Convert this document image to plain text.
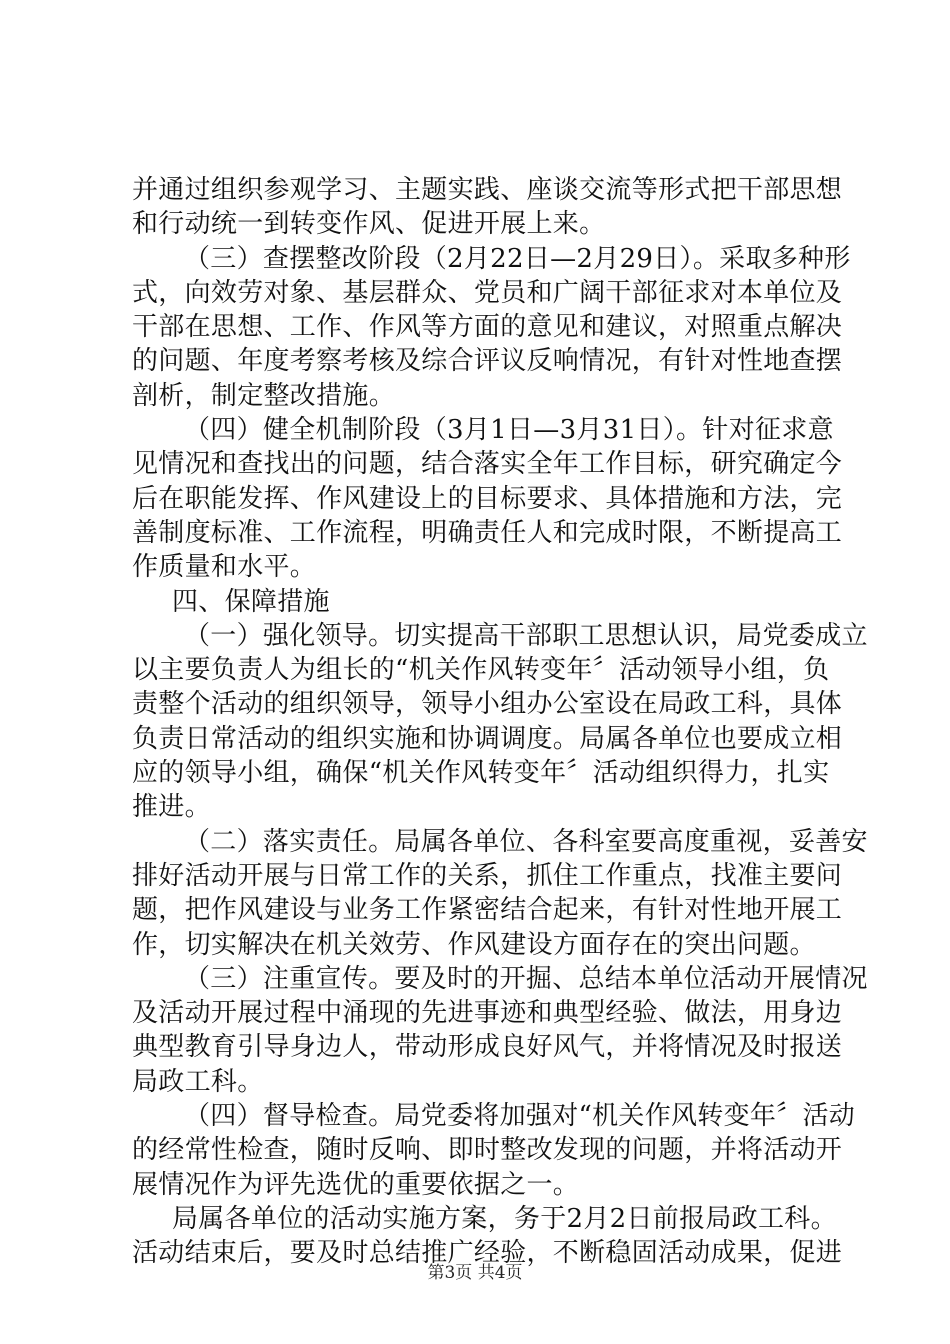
并通过组织参观学习、主题实践、座谈交流等形式把干部思想
和行动统一到转变作风、促进开展上来。
（三）查摆整改阶段（2月22日—2月29日）。采取多种形
式，向效劳对象、基层群众、党员和广阔干部征求对本单位及
干部在思想、工作、作风等方面的意见和建议，对照重点解决
的问题、年度考察考核及综合评议反响情况，有针对性地查摆
剖析，制定整改措施。
（四）健全机制阶段（3月1日—3月31日）。针对征求意
见情况和查找出的问题，结合落实全年工作目标，研究确定今
后在职能发挥、作风建设上的目标要求、具体措施和方法，完
善制度标准、工作流程，明确责任人和完成时限，不断提高工
作质量和水平。
四、保障措施
（一）强化领导。切实提高干部职工思想认识，局党委成立
以主要负责人为组长的“机关作风转变年〞活动领导小组，负
责整个活动的组织领导，领导小组办公室设在局政工科，具体
负责日常活动的组织实施和协调调度。局属各单位也要成立相
应的领导小组，确保“机关作风转变年〞活动组织得力，扎实
推进。
（二）落实责任。局属各单位、各科室要高度重视，妥善安
排好活动开展与日常工作的关系，抓住工作重点，找准主要问
题，把作风建设与业务工作紧密结合起来，有针对性地开展工
作，切实解决在机关效劳、作风建设方面存在的突出问题。
（三）注重宣传。要及时的开掘、总结本单位活动开展情况
及活动开展过程中涌现的先进事迹和典型经验、做法，用身边
典型教育引导身边人，带动形成良好风气，并将情况及时报送
局政工科。
（四）督导检查。局党委将加强对“机关作风转变年〞活动
的经常性检查，随时反响、即时整改发现的问题，并将活动开
展情况作为评先选优的重要依据之一。
局属各单位的活动实施方案，务于2月2日前报局政工科。
活动结束后，要及时总结推广经验，不断稳固活动成果，促进
第3页 共4页
